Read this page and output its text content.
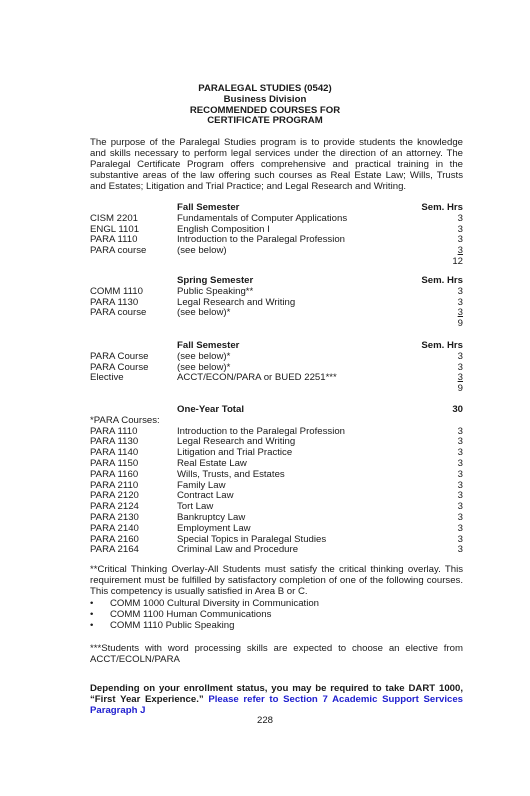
PARALEGAL STUDIES (0542)
Business Division
RECOMMENDED COURSES FOR
CERTIFICATE PROGRAM

The purpose of the Paralegal Studies program is to provide students the knowledge and skills necessary to perform legal services under the direction of an attorney. The Paralegal Certificate Program offers comprehensive and practical training in the substantive areas of the law offering such courses as Real Estate Law; Wills, Trusts and Estates; Litigation and Trial Practice; and Legal Research and Writing.

Fall Semester	Sem. Hrs
CISM 2201	Fundamentals of Computer Applications	3
ENGL 1101	English Composition I	3
PARA 1110	Introduction to the Paralegal Profession	3
PARA course	(see below)	3
12
Spring Semester	Sem. Hrs
COMM 1110	Public Speaking**	3
PARA 1130	Legal Research and Writing	3
PARA course	(see below)*	3
9
Fall Semester	Sem. Hrs
PARA Course	(see below)*	3
PARA Course	(see below)*	3
Elective	ACCT/ECON/PARA or BUED 2251***	3
9
One-Year Total	30
*PARA Courses:
PARA 1110	Introduction to the Paralegal Profession	3
PARA 1130	Legal Research and Writing	3
PARA 1140	Litigation and Trial Practice	3
PARA 1150	Real Estate Law	3
PARA 1160	Wills, Trusts, and Estates	3
PARA 2110	Family Law	3
PARA 2120	Contract Law	3
PARA 2124	Tort Law	3
PARA 2130	Bankruptcy Law	3
PARA 2140	Employment Law	3
PARA 2160	Special Topics in Paralegal Studies	3
PARA 2164	Criminal Law and Procedure	3

**Critical Thinking Overlay-All Students must satisfy the critical thinking overlay. This requirement must be fulfilled by satisfactory completion of one of the following courses. This competency is usually satisfied in Area B or C.

• COMM 1000 Cultural Diversity in Communication
• COMM 1100 Human Communications
• COMM 1110 Public Speaking

***Students with word processing skills are expected to choose an elective from ACCT/ECOLN/PARA

Depending on your enrollment status, you may be required to take DART 1000, “First Year Experience.” Please refer to Section 7 Academic Support Services Paragraph J

228
